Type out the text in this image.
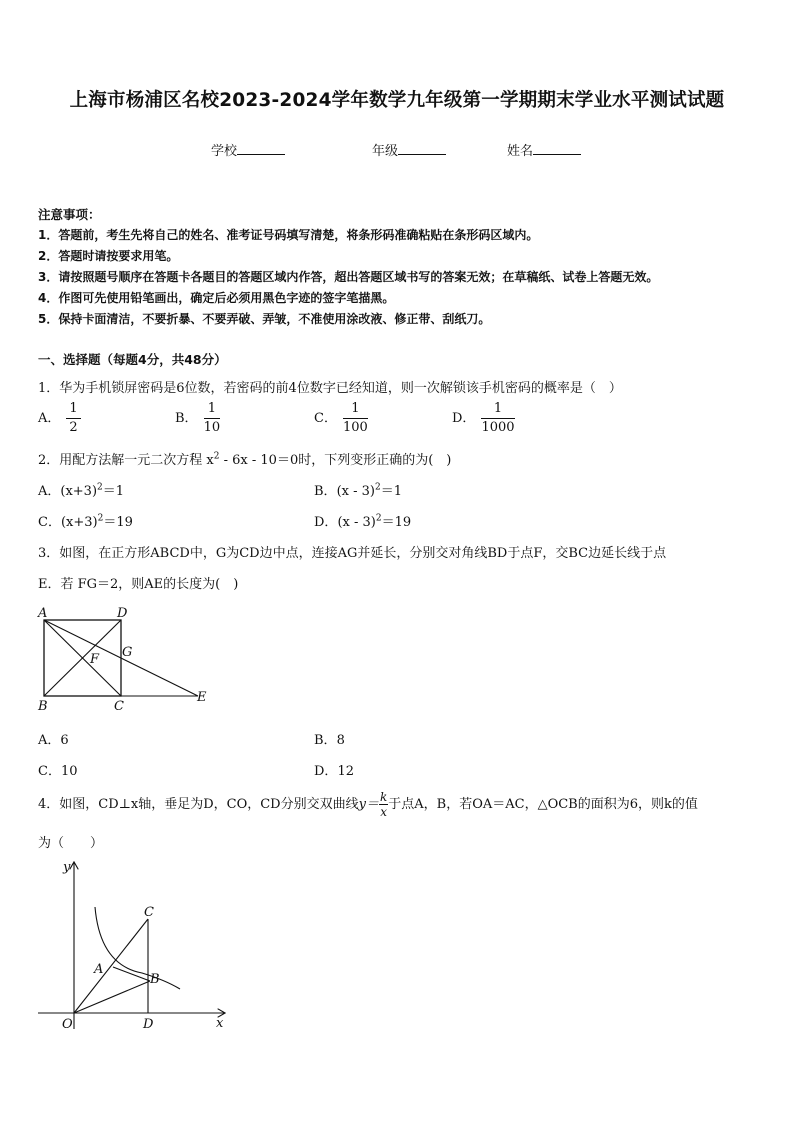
上海市杨浦区名校2023-2024学年数学九年级第一学期期末学业水平测试试题
学校	年级	姓名
注意事项：
1．答题前，考生先将自己的姓名、准考证号码填写清楚，将条形码准确粘贴在条形码区域内。
2．答题时请按要求用笔。
3．请按照题号顺序在答题卡各题目的答题区域内作答，超出答题区域书写的答案无效；在草稿纸、试卷上答题无效。
4．作图可先使用铅笔画出，确定后必须用黑色字迹的签字笔描黑。
5．保持卡面清洁，不要折暴、不要弄破、弄皱，不准使用涂改液、修正带、刮纸刀。
一、选择题（每题4分，共48分）
1．华为手机锁屏密码是6位数，若密码的前4位数字已经知道，则一次解锁该手机密码的概率是（　）
A． $\frac{1}{2}$	B． $\frac{1}{10}$	C． $\frac{1}{100}$	D． $\frac{1}{1000}$
2．用配方法解一元二次方程 $x^2 - 6x - 10=0$时，下列变形正确的为(　)
A．$(x+3)^2=1$	B．(x - 3)$^2$＝1
C．$(x+3)^2=19$	D．(x - 3)$^2$＝19
3．如图，在正方形ABCD中，G为CD边中点，连接AG并延长，分别交对角线BD于点F，交BC边延长线于点
E．若 FG＝2，则AE的长度为(　)
A	D
B	C
E
F G
A．6	B．8
C．10	D．12
4．如图，CD⊥x轴，垂足为D，CO，CD分别交双曲线$y= \frac{k}{x}$ 于点A，B，若OA＝AC，△OCB的面积为6，则k的值
为（　　）
y
x
O
A
B
C
D
